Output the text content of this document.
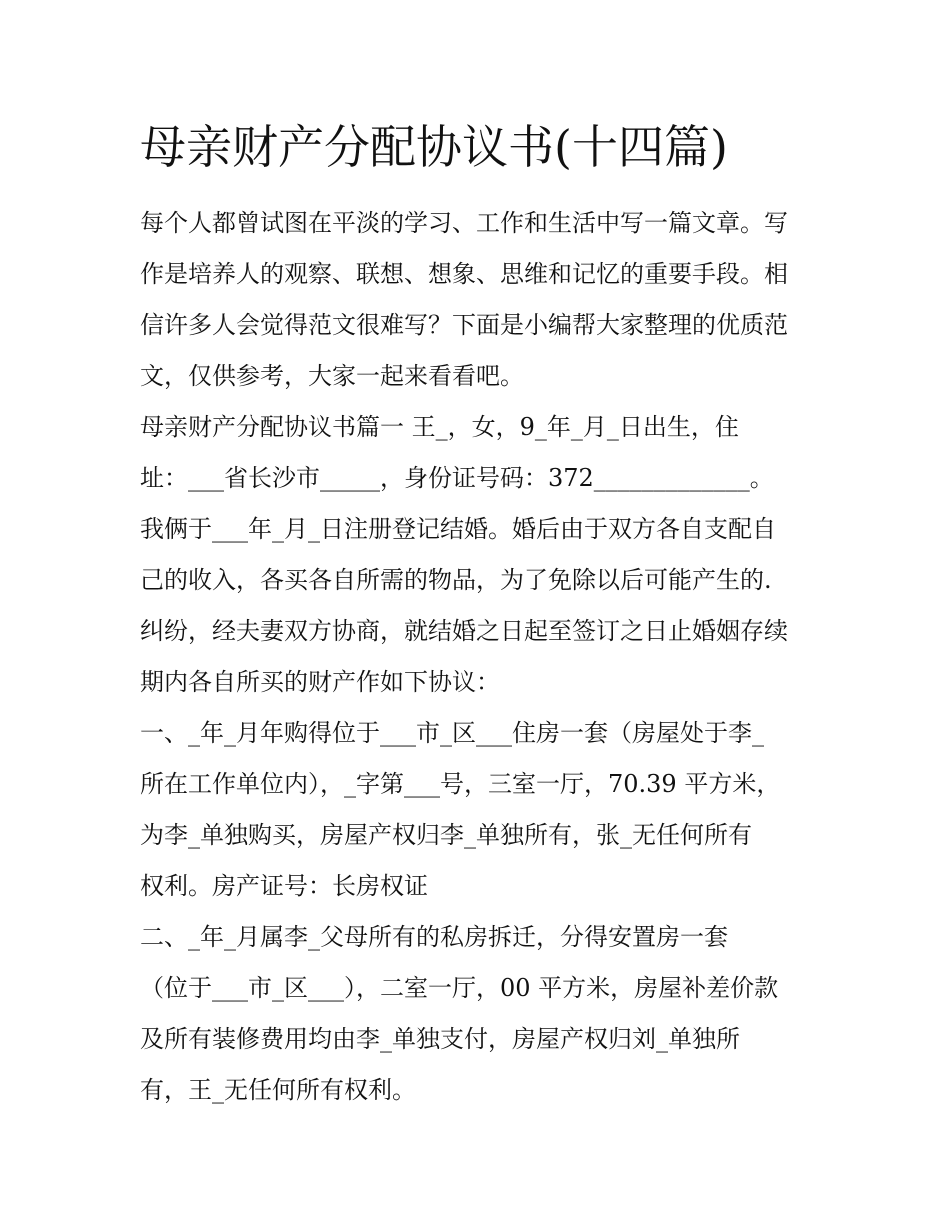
母亲财产分配协议书(十四篇)
每个人都曾试图在平淡的学习、工作和生活中写一篇文章。写
作是培养人的观察、联想、想象、思维和记忆的重要手段。相
信许多人会觉得范文很难写？下面是小编帮大家整理的优质范
文，仅供参考，大家一起来看看吧。
母亲财产分配协议书篇一 王_，女，9_年_月_日出生，住
址：___省长沙市_____，身份证号码：372_____________。
我俩于___年_月_日注册登记结婚。婚后由于双方各自支配自
己的收入，各买各自所需的物品，为了免除以后可能产生的.
纠纷，经夫妻双方协商，就结婚之日起至签订之日止婚姻存续
期内各自所买的财产作如下协议：
一、_年_月年购得位于___市_区___住房一套（房屋处于李_
所在工作单位内），_字第___号，三室一厅，70.39 平方米，
为李_单独购买，房屋产权归李_单独所有，张_无任何所有
权利。房产证号：长房权证
二、_年_月属李_父母所有的私房拆迁，分得安置房一套
（位于___市_区___），二室一厅，00 平方米，房屋补差价款
及所有装修费用均由李_单独支付，房屋产权归刘_单独所
有，王_无任何所有权利。
